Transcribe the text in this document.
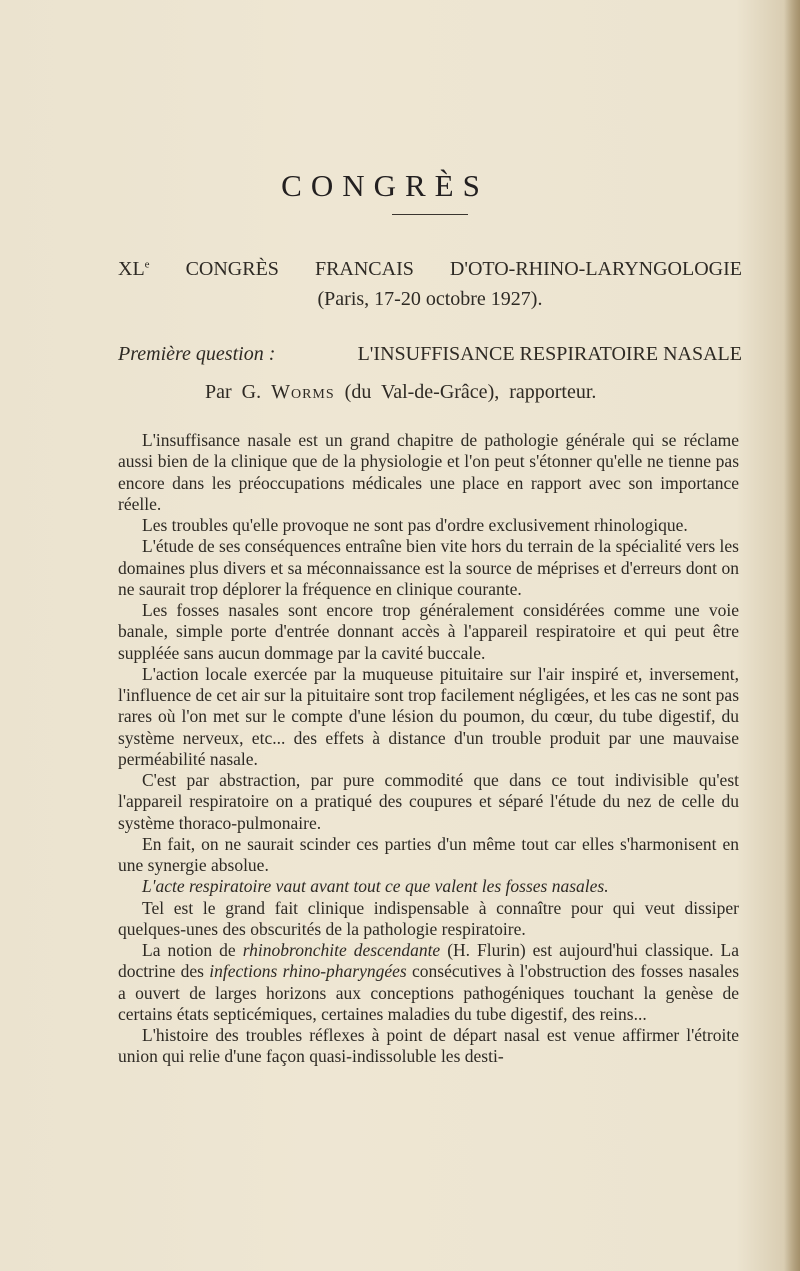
CONGRÈS
XLe CONGRÈS FRANCAIS D'OTO-RHINO-LARYNGOLOGIE
(Paris, 17-20 octobre 1927).
Première question :	L'INSUFFISANCE RESPIRATOIRE NASALE
Par G. Worms (du Val-de-Grâce), rapporteur.

L'insuffisance nasale est un grand chapitre de pathologie générale qui se réclame aussi bien de la clinique que de la physiologie et l'on peut s'étonner qu'elle ne tienne pas encore dans les préoccupations médicales une place en rapport avec son importance réelle.

Les troubles qu'elle provoque ne sont pas d'ordre exclusivement rhinologique.

L'étude de ses conséquences entraîne bien vite hors du terrain de la spécialité vers les domaines plus divers et sa méconnaissance est la source de méprises et d'erreurs dont on ne saurait trop déplorer la fréquence en clinique courante.

Les fosses nasales sont encore trop généralement considérées comme une voie banale, simple porte d'entrée donnant accès à l'appareil respiratoire et qui peut être suppléée sans aucun dommage par la cavité buccale.

L'action locale exercée par la muqueuse pituitaire sur l'air inspiré et, inversement, l'influence de cet air sur la pituitaire sont trop facilement négligées, et les cas ne sont pas rares où l'on met sur le compte d'une lésion du poumon, du cœur, du tube digestif, du système nerveux, etc... des effets à distance d'un trouble produit par une mauvaise perméabilité nasale.

C'est par abstraction, par pure commodité que dans ce tout indivisible qu'est l'appareil respiratoire on a pratiqué des coupures et séparé l'étude du nez de celle du système thoraco-pulmonaire.

En fait, on ne saurait scinder ces parties d'un même tout car elles s'harmonisent en une synergie absolue.

L'acte respiratoire vaut avant tout ce que valent les fosses nasales.

Tel est le grand fait clinique indispensable à connaître pour qui veut dissiper quelques-unes des obscurités de la pathologie respiratoire.

La notion de rhinobronchite descendante (H. Flurin) est aujourd'hui classique. La doctrine des infections rhino-pharyngées consécutives à l'obstruction des fosses nasales a ouvert de larges horizons aux conceptions pathogéniques touchant la genèse de certains états septicémiques, certaines maladies du tube digestif, des reins...

L'histoire des troubles réflexes à point de départ nasal est venue affirmer l'étroite union qui relie d'une façon quasi-indissoluble les desti-
